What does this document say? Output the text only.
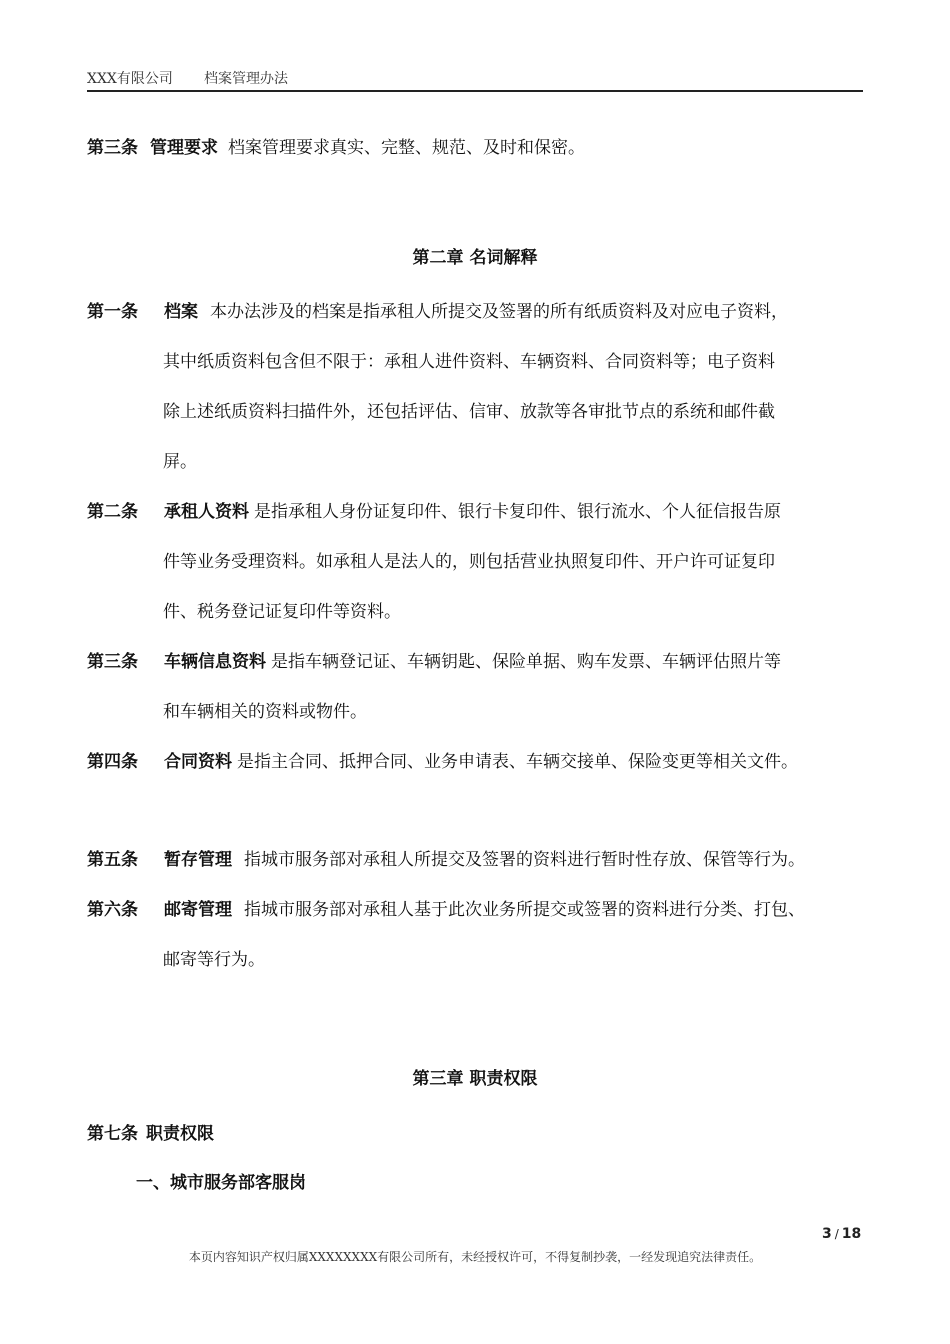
XXX有限公司 档案管理办法
第三条 管理要求 档案管理要求真实、完整、规范、及时和保密。
第二章 名词解释
第一条 档案 本办法涉及的档案是指承租人所提交及签署的所有纸质资料及对应电子资料，
其中纸质资料包含但不限于：承租人进件资料、车辆资料、合同资料等；电子资料
除上述纸质资料扫描件外，还包括评估、信审、放款等各审批节点的系统和邮件截
屏。
第二条 承租人资料 是指承租人身份证复印件、银行卡复印件、银行流水、个人征信报告原
件等业务受理资料。如承租人是法人的，则包括营业执照复印件、开户许可证复印
件、税务登记证复印件等资料。
第三条 车辆信息资料 是指车辆登记证、车辆钥匙、保险单据、购车发票、车辆评估照片等
和车辆相关的资料或物件。
第四条 合同资料 是指主合同、抵押合同、业务申请表、车辆交接单、保险变更等相关文件。
第五条 暂存管理 指城市服务部对承租人所提交及签署的资料进行暂时性存放、保管等行为。
第六条 邮寄管理 指城市服务部对承租人基于此次业务所提交或签署的资料进行分类、打包、
邮寄等行为。
第三章 职责权限
第七条 职责权限
一、城市服务部客服岗
3 / 18
本页内容知识产权归属XXXXXXXX有限公司所有，未经授权许可，不得复制抄袭，一经发现追究法律责任。
